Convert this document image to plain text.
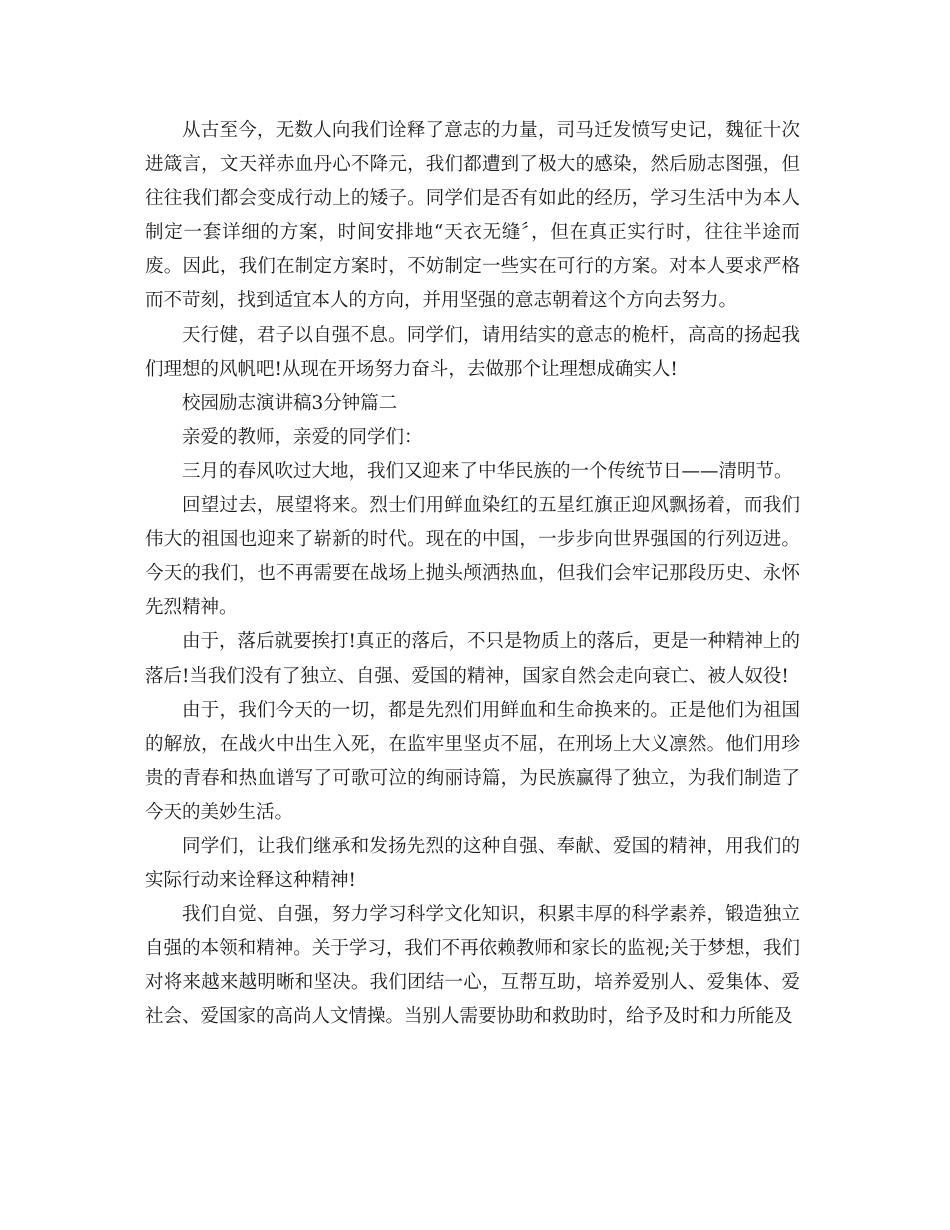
从古至今，无数人向我们诠释了意志的力量，司马迁发愤写史记，魏征十次进箴言，文天祥赤血丹心不降元，我们都遭到了极大的感染，然后励志图强，但往往我们都会变成行动上的矮子。同学们是否有如此的经历，学习生活中为本人制定一套详细的方案，时间安排地“天衣无缝〞，但在真正实行时，往往半途而废。因此，我们在制定方案时，不妨制定一些实在可行的方案。对本人要求严格而不苛刻，找到适宜本人的方向，并用坚强的意志朝着这个方向去努力。

天行健，君子以自强不息。同学们，请用结实的意志的桅杆，高高的扬起我们理想的风帆吧!从现在开场努力奋斗，去做那个让理想成确实人!

校园励志演讲稿3分钟篇二

亲爱的教师，亲爱的同学们：

三月的春风吹过大地，我们又迎来了中华民族的一个传统节日——清明节。

回望过去，展望将来。烈士们用鲜血染红的五星红旗正迎风飘扬着，而我们伟大的祖国也迎来了崭新的时代。现在的中国，一步步向世界强国的行列迈进。今天的我们，也不再需要在战场上抛头颅洒热血，但我们会牢记那段历史、永怀先烈精神。

由于，落后就要挨打!真正的落后，不只是物质上的落后，更是一种精神上的落后!当我们没有了独立、自强、爱国的精神，国家自然会走向衰亡、被人奴役!

由于，我们今天的一切，都是先烈们用鲜血和生命换来的。正是他们为祖国的解放，在战火中出生入死，在监牢里坚贞不屈，在刑场上大义凛然。他们用珍贵的青春和热血谱写了可歌可泣的绚丽诗篇，为民族赢得了独立，为我们制造了今天的美妙生活。

同学们，让我们继承和发扬先烈的这种自强、奉献、爱国的精神，用我们的实际行动来诠释这种精神!

我们自觉、自强，努力学习科学文化知识，积累丰厚的科学素养，锻造独立自强的本领和精神。关于学习，我们不再依赖教师和家长的监视;关于梦想，我们对将来越来越明晰和坚决。我们团结一心，互帮互助，培养爱别人、爱集体、爱社会、爱国家的高尚人文情操。当别人需要协助和救助时，给予及时和力所能及
